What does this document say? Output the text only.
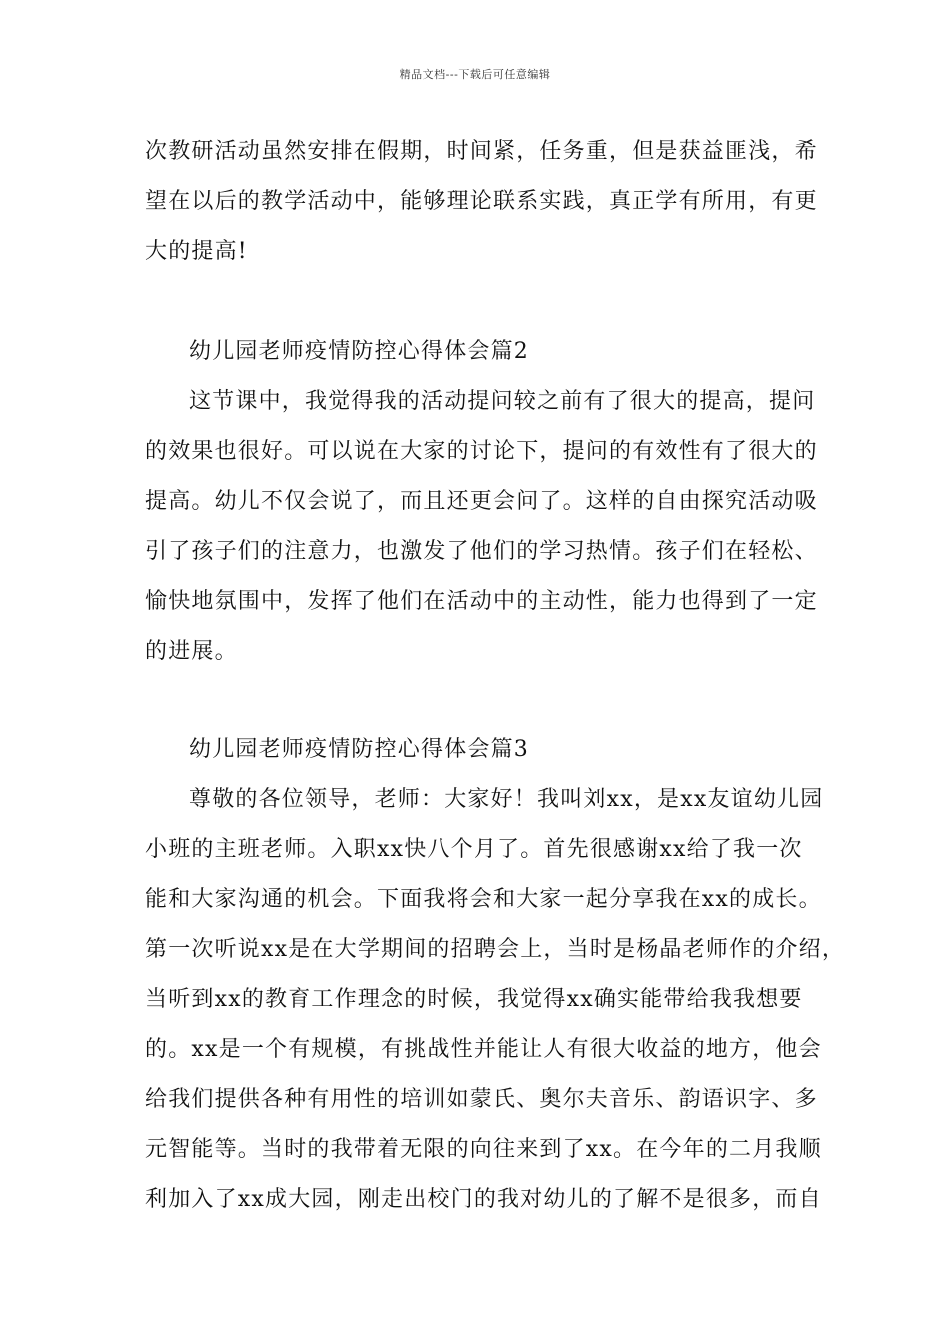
精品文档---下载后可任意编辑
次教研活动虽然安排在假期，时间紧，任务重，但是获益匪浅，希
望在以后的教学活动中，能够理论联系实践，真正学有所用，有更
大的提高!
幼儿园老师疫情防控心得体会篇2
这节课中，我觉得我的活动提问较之前有了很大的提高，提问
的效果也很好。可以说在大家的讨论下，提问的有效性有了很大的
提高。幼儿不仅会说了，而且还更会问了。这样的自由探究活动吸
引了孩子们的注意力，也激发了他们的学习热情。孩子们在轻松、
愉快地氛围中，发挥了他们在活动中的主动性，能力也得到了一定
的进展。
幼儿园老师疫情防控心得体会篇3
尊敬的各位领导，老师：大家好！我叫刘xx，是xx友谊幼儿园
小班的主班老师。入职xx快八个月了。首先很感谢xx给了我一次
能和大家沟通的机会。下面我将会和大家一起分享我在xx的成长。
第一次听说xx是在大学期间的招聘会上，当时是杨晶老师作的介绍，
当听到xx的教育工作理念的时候，我觉得xx确实能带给我我想要
的。xx是一个有规模，有挑战性并能让人有很大收益的地方，他会
给我们提供各种有用性的培训如蒙氏、奥尔夫音乐、韵语识字、多
元智能等。当时的我带着无限的向往来到了xx。在今年的二月我顺
利加入了xx成大园，刚走出校门的我对幼儿的了解不是很多，而自
